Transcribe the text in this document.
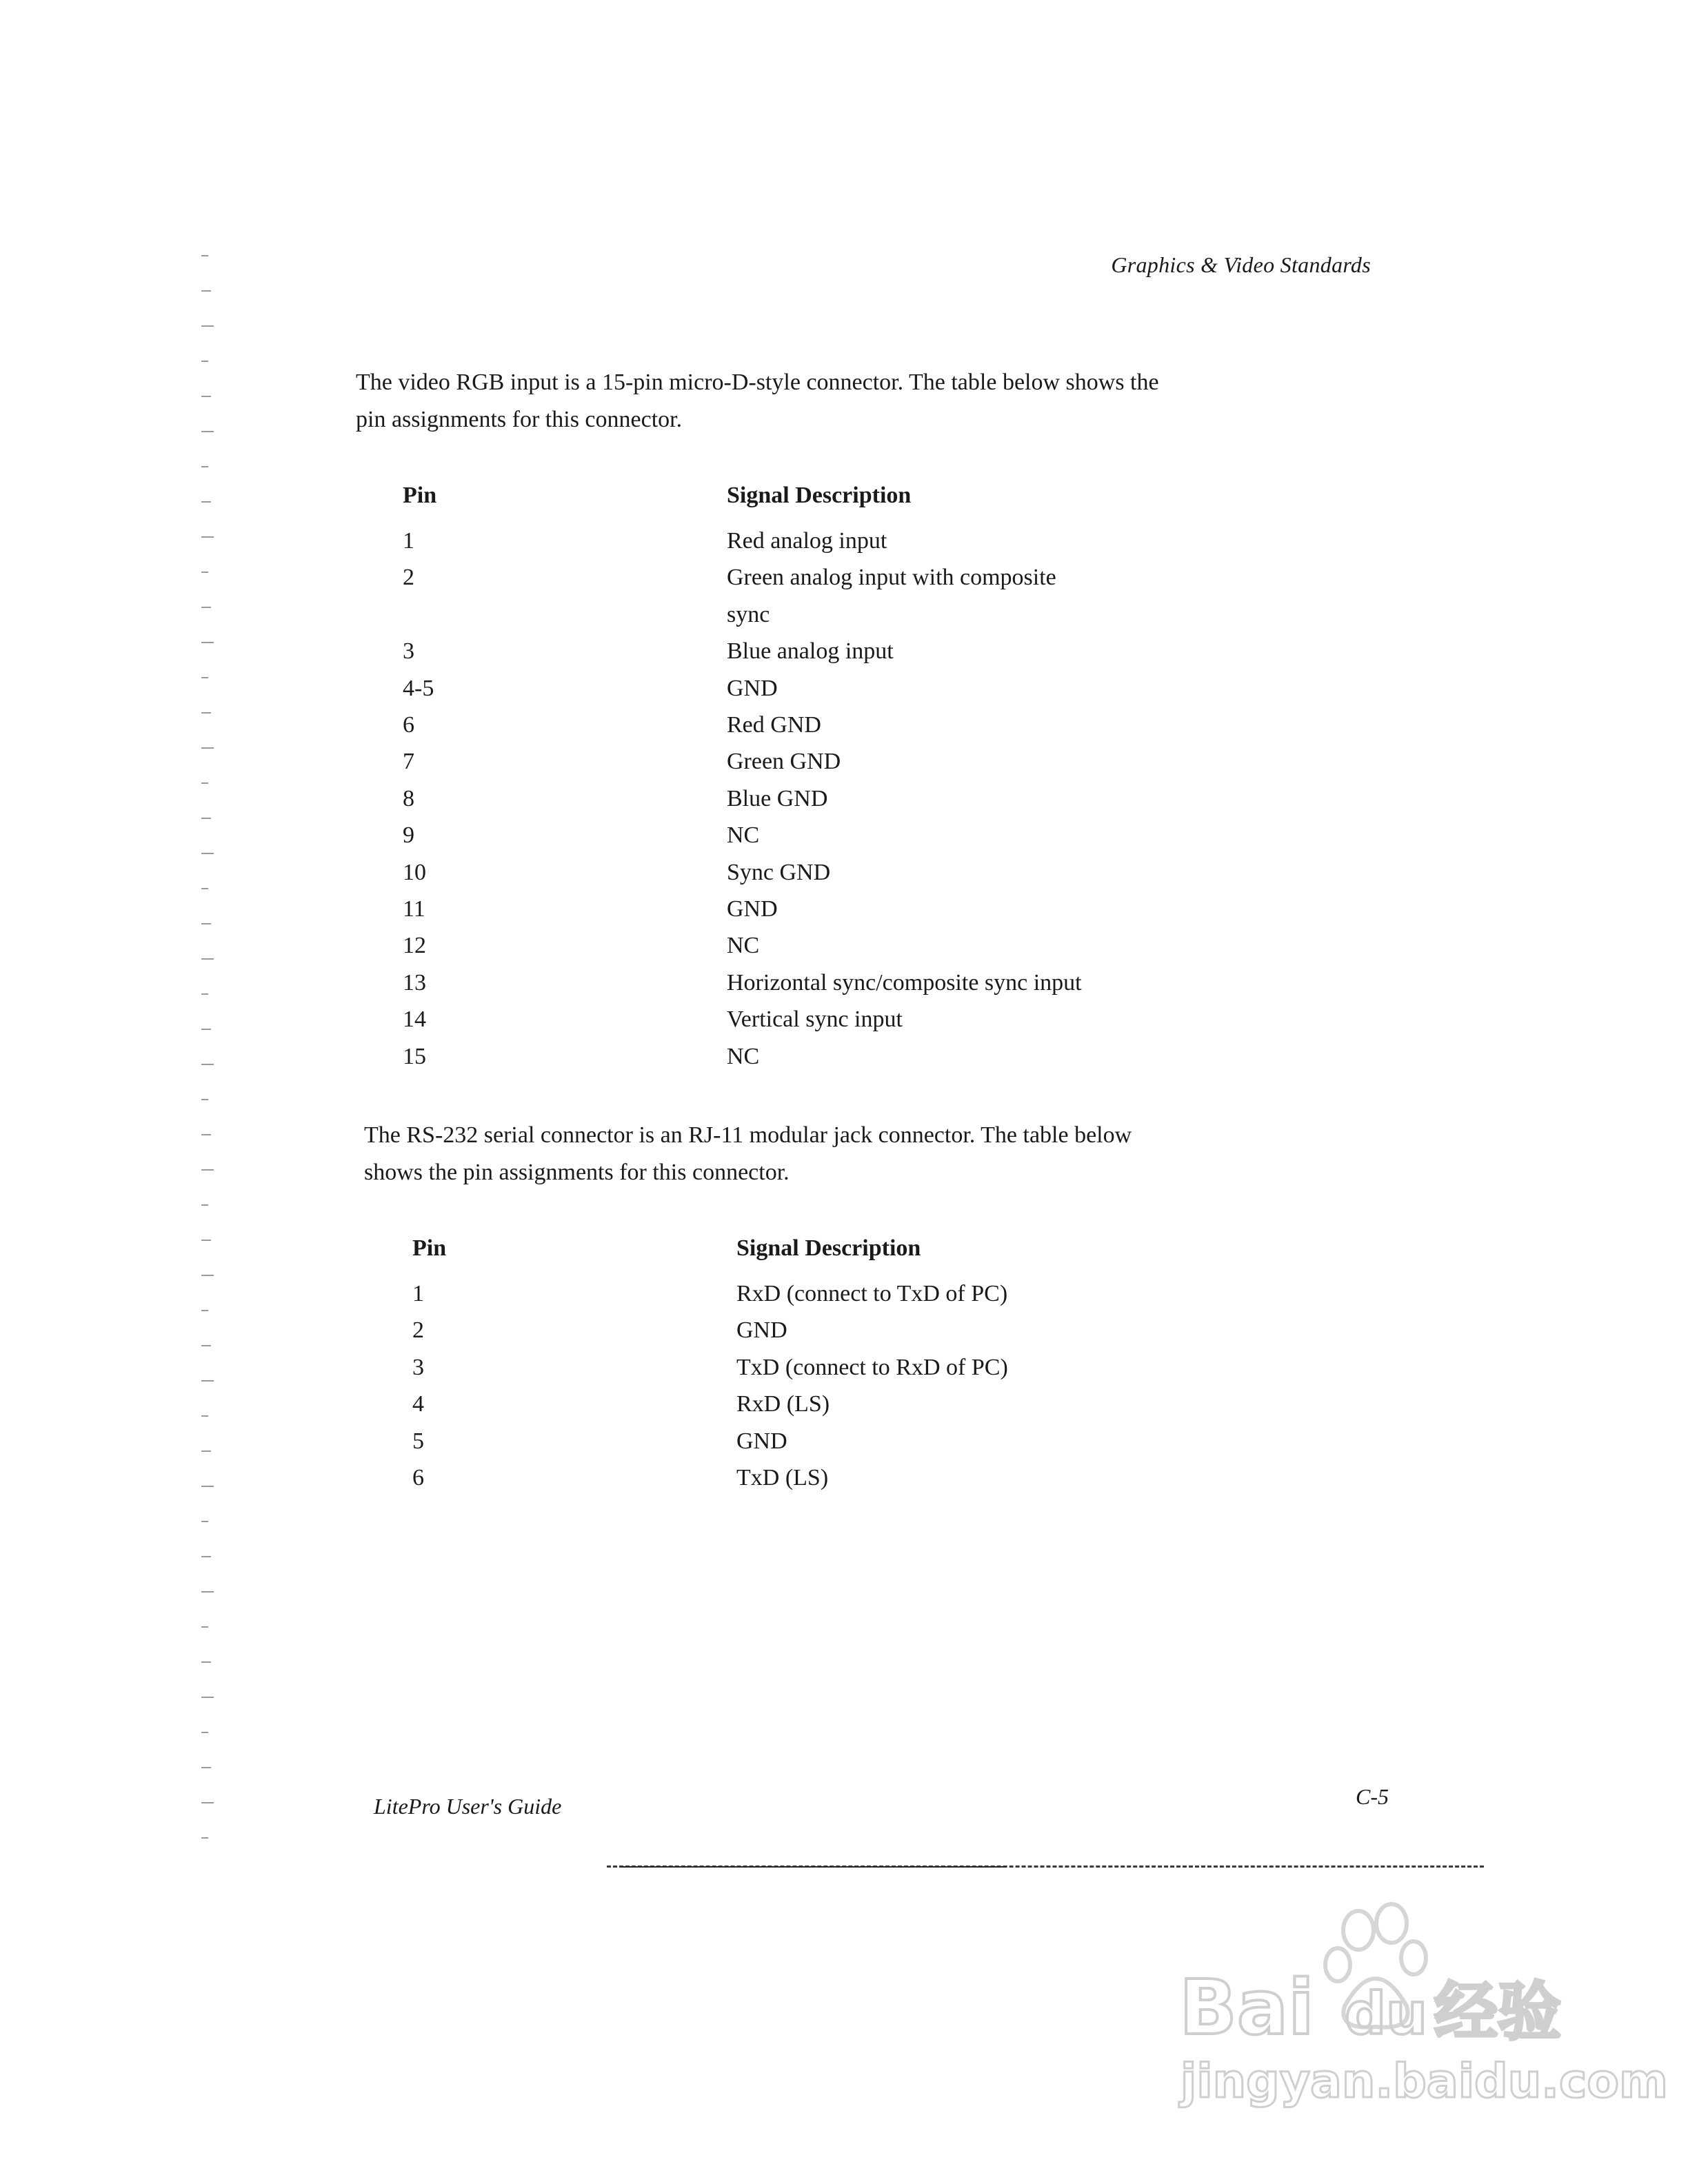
Graphics & Video Standards

The video RGB input is a 15-pin micro-D-style connector. The table below shows the pin assignments for this connector.

Pin	Signal Description
1	Red analog input
2	Green analog input with composite
sync
3	Blue analog input
4-5	GND
6	Red GND
7	Green GND
8	Blue GND
9	NC
10	Sync GND
11	GND
12	NC
13	Horizontal sync/composite sync input
14	Vertical sync input
15	NC

The RS-232 serial connector is an RJ-11 modular jack connector. The table below shows the pin assignments for this connector.

Pin	Signal Description
1	RxD (connect to TxD of PC)
2	GND
3	TxD (connect to RxD of PC)
4	RxD (LS)
5	GND
6	TxD (LS)
LitePro User's Guide	C-5
Bai du 经验
jingyan.baidu.com
